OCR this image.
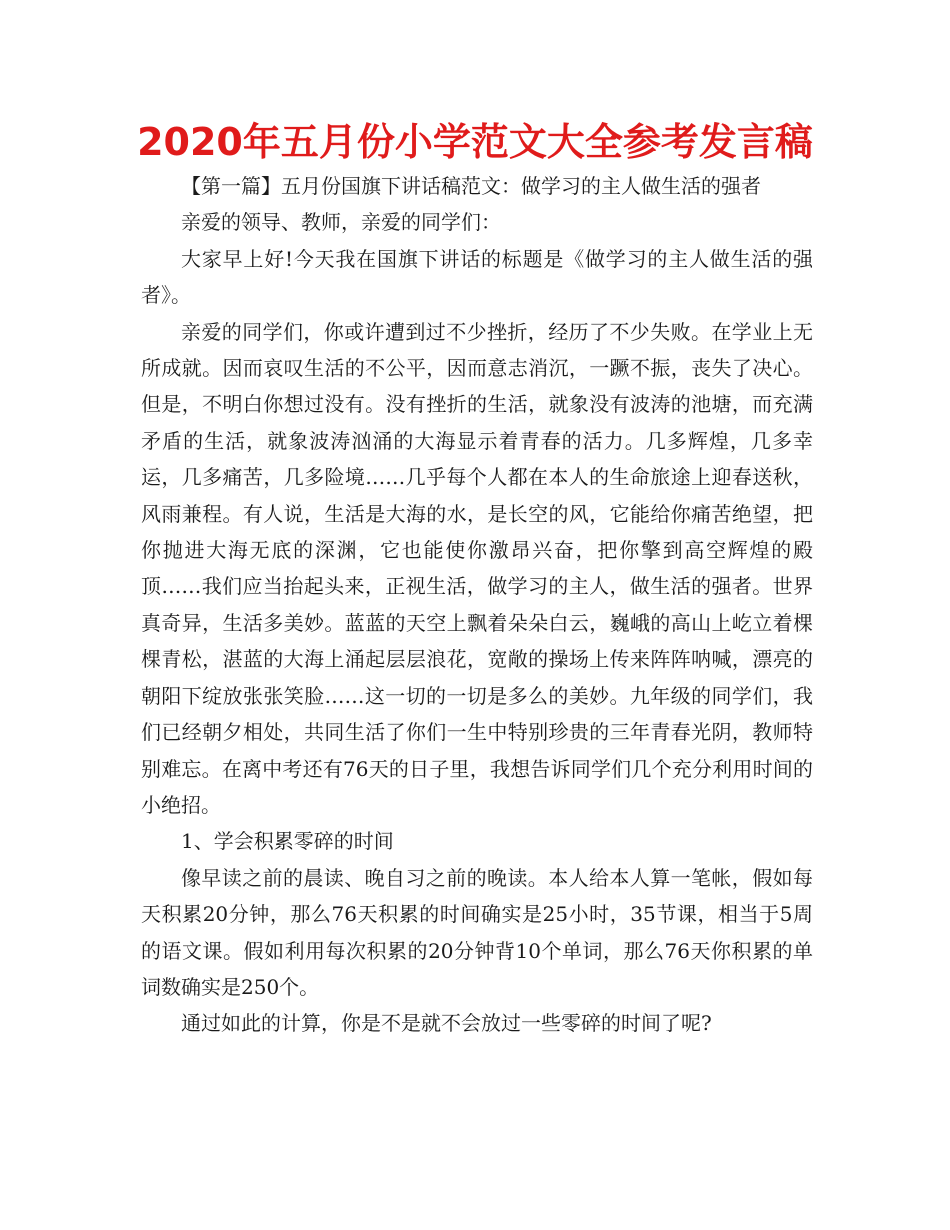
2020年五月份小学范文大全参考发言稿

【第一篇】五月份国旗下讲话稿范文：做学习的主人做生活的强者

亲爱的领导、教师，亲爱的同学们：

大家早上好!今天我在国旗下讲话的标题是《做学习的主人做生活的强者》。

亲爱的同学们，你或许遭到过不少挫折，经历了不少失败。在学业上无所成就。因而哀叹生活的不公平，因而意志消沉，一蹶不振，丧失了决心。但是，不明白你想过没有。没有挫折的生活，就象没有波涛的池塘，而充满矛盾的生活，就象波涛汹涌的大海显示着青春的活力。几多辉煌，几多幸运，几多痛苦，几多险境……几乎每个人都在本人的生命旅途上迎春送秋，风雨兼程。有人说，生活是大海的水，是长空的风，它能给你痛苦绝望，把你抛进大海无底的深渊，它也能使你激昂兴奋，把你擎到高空辉煌的殿顶……我们应当抬起头来，正视生活，做学习的主人，做生活的强者。世界真奇异，生活多美妙。蓝蓝的天空上飘着朵朵白云，巍峨的高山上屹立着棵棵青松，湛蓝的大海上涌起层层浪花，宽敞的操场上传来阵阵呐喊，漂亮的朝阳下绽放张张笑脸……这一切的一切是多么的美妙。九年级的同学们，我们已经朝夕相处，共同生活了你们一生中特别珍贵的三年青春光阴，教师特别难忘。在离中考还有76天的日子里，我想告诉同学们几个充分利用时间的小绝招。

1、学会积累零碎的时间

像早读之前的晨读、晚自习之前的晚读。本人给本人算一笔帐，假如每天积累20分钟，那么76天积累的时间确实是25小时，35节课，相当于5周的语文课。假如利用每次积累的20分钟背10个单词，那么76天你积累的单词数确实是250个。

通过如此的计算，你是不是就不会放过一些零碎的时间了呢?
